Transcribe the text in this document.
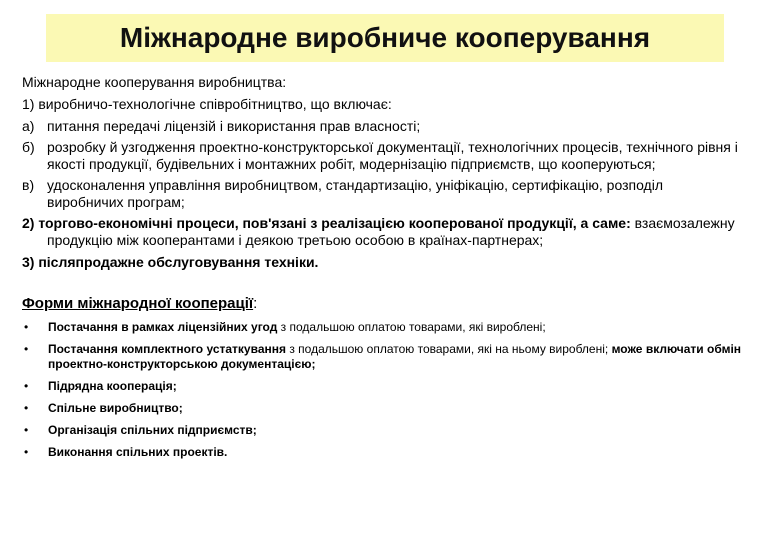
Міжнародне виробниче коопeрування
Міжнародне кооперування виробництва:
1) виробничо-технологічне співробітництво, що включає:
а) питання передачі ліцензій і використання прав власності;
б) розробку й узгодження проектно-конструкторської документації, технологічних процесів, технічного рівня і якості продукції, будівельних і монтажних робіт, модернізацію підприємств, що кооперуються;
в) удосконалення управління виробництвом, стандартизацію, уніфікацію, сертифікацію, розподіл виробничих програм;
2) торгово-економічні процеси, пов'язані з реалізацією кооперованої продукції, а саме: взаємозалежну продукцію між кооперантами і деякою третьою особою в країнах-партнерах;
3) післяпродажне обслуговування техніки.
Форми міжнародної кооперації:
•	Постачання в рамках ліцензійних угод з подальшою оплатою товарами, які вироблені;
•	Постачання комплектного устаткування з подальшою оплатою товарами, які на ньому вироблені; може включати обмін проектно-конструкторською документацією;
•	Підрядна кооперація;
•	Спільне виробництво;
•	Організація спільних підприємств;
•	Виконання спільних проектів.
